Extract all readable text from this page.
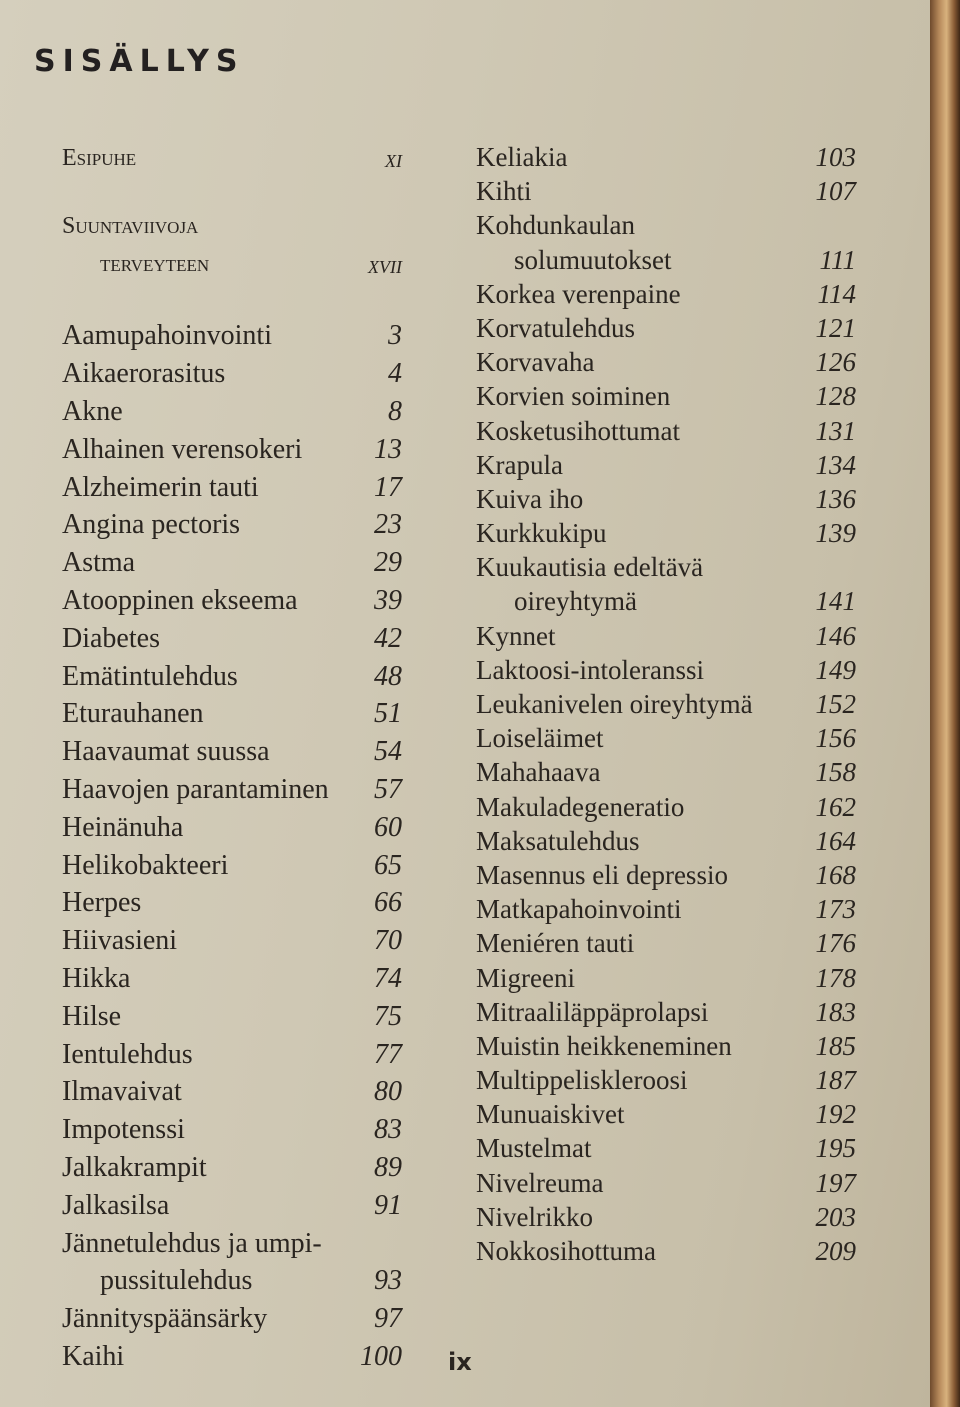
SISÄLLYS
Esipuhe	xi
Suuntaviivoja
terveyteen	xvii
Aamupahoinvointi	3
Aikaerorasitus	4
Akne	8
Alhainen verensokeri	13
Alzheimerin tauti	17
Angina pectoris	23
Astma	29
Atooppinen ekseema	39
Diabetes	42
Emätintulehdus	48
Eturauhanen	51
Haavaumat suussa	54
Haavojen parantaminen 57
Heinänuha	60
Helikobakteeri	65
Herpes	66
Hiivasieni	70
Hikka	74
Hilse	75
Ientulehdus	77
Ilmavaivat	80
Impotenssi	83
Jalkakrampit	89
Jalkasilsa	91
Jännetulehdus ja umpi-
pussitulehdus	93
Jännityspäänsärky	97
Kaihi	100
Keliakia	103
Kihti	107
Kohdunkaulan
solumuutokset	111
Korkea verenpaine	114
Korvatulehdus	121
Korvavaha	126
Korvien soiminen	128
Kosketusihottumat	131
Krapula	134
Kuiva iho	136
Kurkkukipu	139
Kuukautisia edeltävä
oireyhtymä	141
Kynnet	146
Laktoosi-intoleranssi	149
Leukanivelen oireyhtymä 152
Loiseläimet	156
Mahahaava	158
Makuladegeneratio	162
Maksatulehdus	164
Masennus eli depressio	168
Matkapahoinvointi	173
Meniéren tauti	176
Migreeni	178
Mitraaliläppäprolapsi	183
Muistin heikkeneminen	185
Multippeliskleroosi	187
Munuaiskivet	192
Mustelmat	195
Nivelreuma	197
Nivelrikko	203
Nokkosihottuma	209
ix
